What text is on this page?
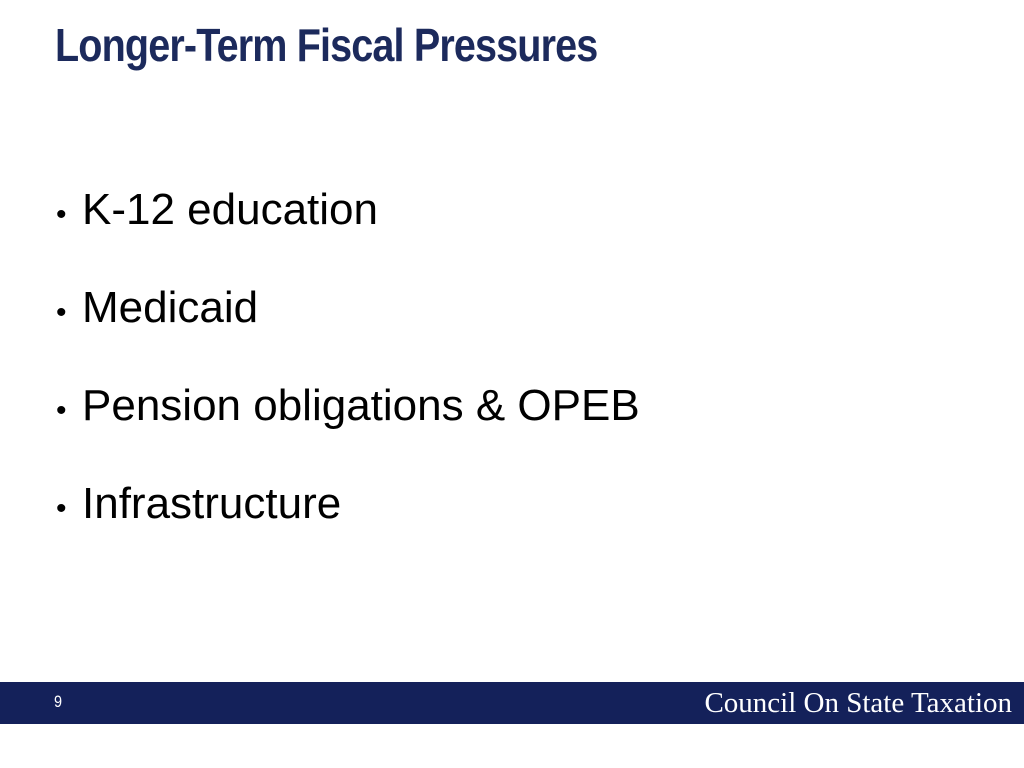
Longer-Term Fiscal Pressures
• K-12 education
• Medicaid
• Pension obligations & OPEB
• Infrastructure
9	Council On State Taxation
